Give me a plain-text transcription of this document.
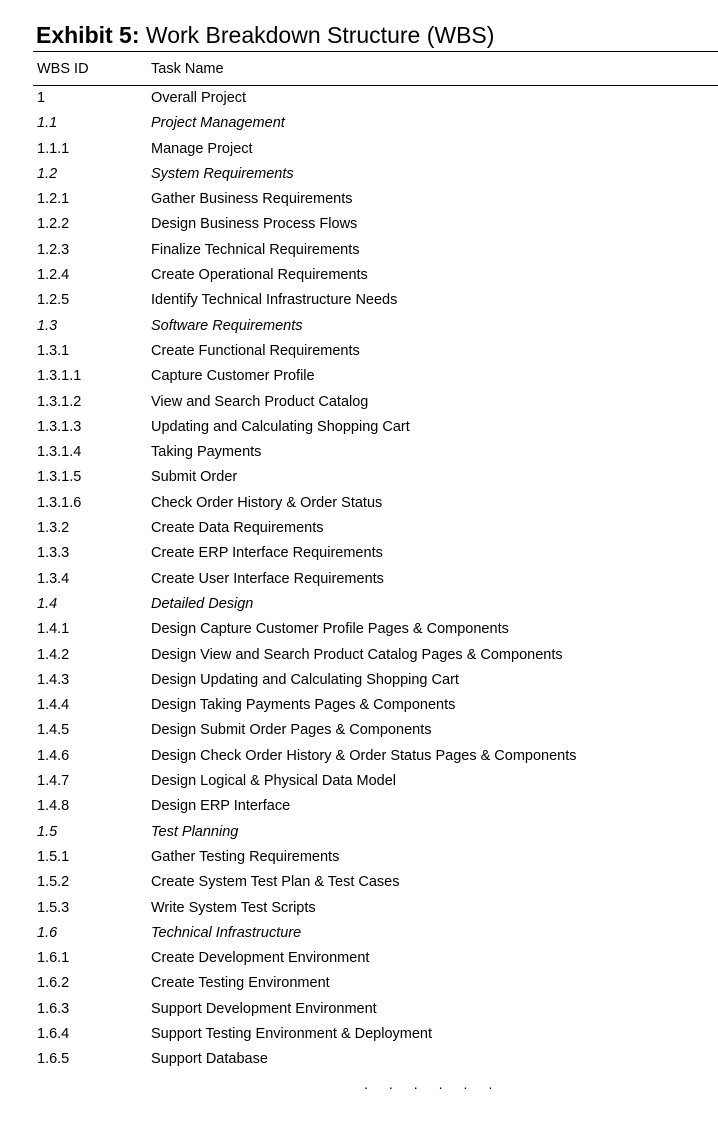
Exhibit 5: Work Breakdown Structure (WBS)
WBS ID	Task Name
1	Overall Project
1.1	Project Management
1.1.1	Manage Project
1.2	System Requirements
1.2.1	Gather Business Requirements
1.2.2	Design Business Process Flows
1.2.3	Finalize Technical Requirements
1.2.4	Create Operational Requirements
1.2.5	Identify Technical Infrastructure Needs
1.3	Software Requirements
1.3.1	Create Functional Requirements
1.3.1.1	Capture Customer Profile
1.3.1.2	View and Search Product Catalog
1.3.1.3	Updating and Calculating Shopping Cart
1.3.1.4	Taking Payments
1.3.1.5	Submit Order
1.3.1.6	Check Order History & Order Status
1.3.2	Create Data Requirements
1.3.3	Create ERP Interface Requirements
1.3.4	Create User Interface Requirements
1.4	Detailed Design
1.4.1	Design Capture Customer Profile Pages & Components
1.4.2	Design View and Search Product Catalog Pages & Components
1.4.3	Design Updating and Calculating Shopping Cart
1.4.4	Design Taking Payments Pages & Components
1.4.5	Design Submit Order Pages & Components
1.4.6	Design Check Order History & Order Status Pages & Components
1.4.7	Design Logical & Physical Data Model
1.4.8	Design ERP Interface
1.5	Test Planning
1.5.1	Gather Testing Requirements
1.5.2	Create System Test Plan & Test Cases
1.5.3	Write System Test Scripts
1.6	Technical Infrastructure
1.6.1	Create Development Environment
1.6.2	Create Testing Environment
1.6.3	Support Development Environment
1.6.4	Support Testing Environment & Deployment
1.6.5	Support Database
......
